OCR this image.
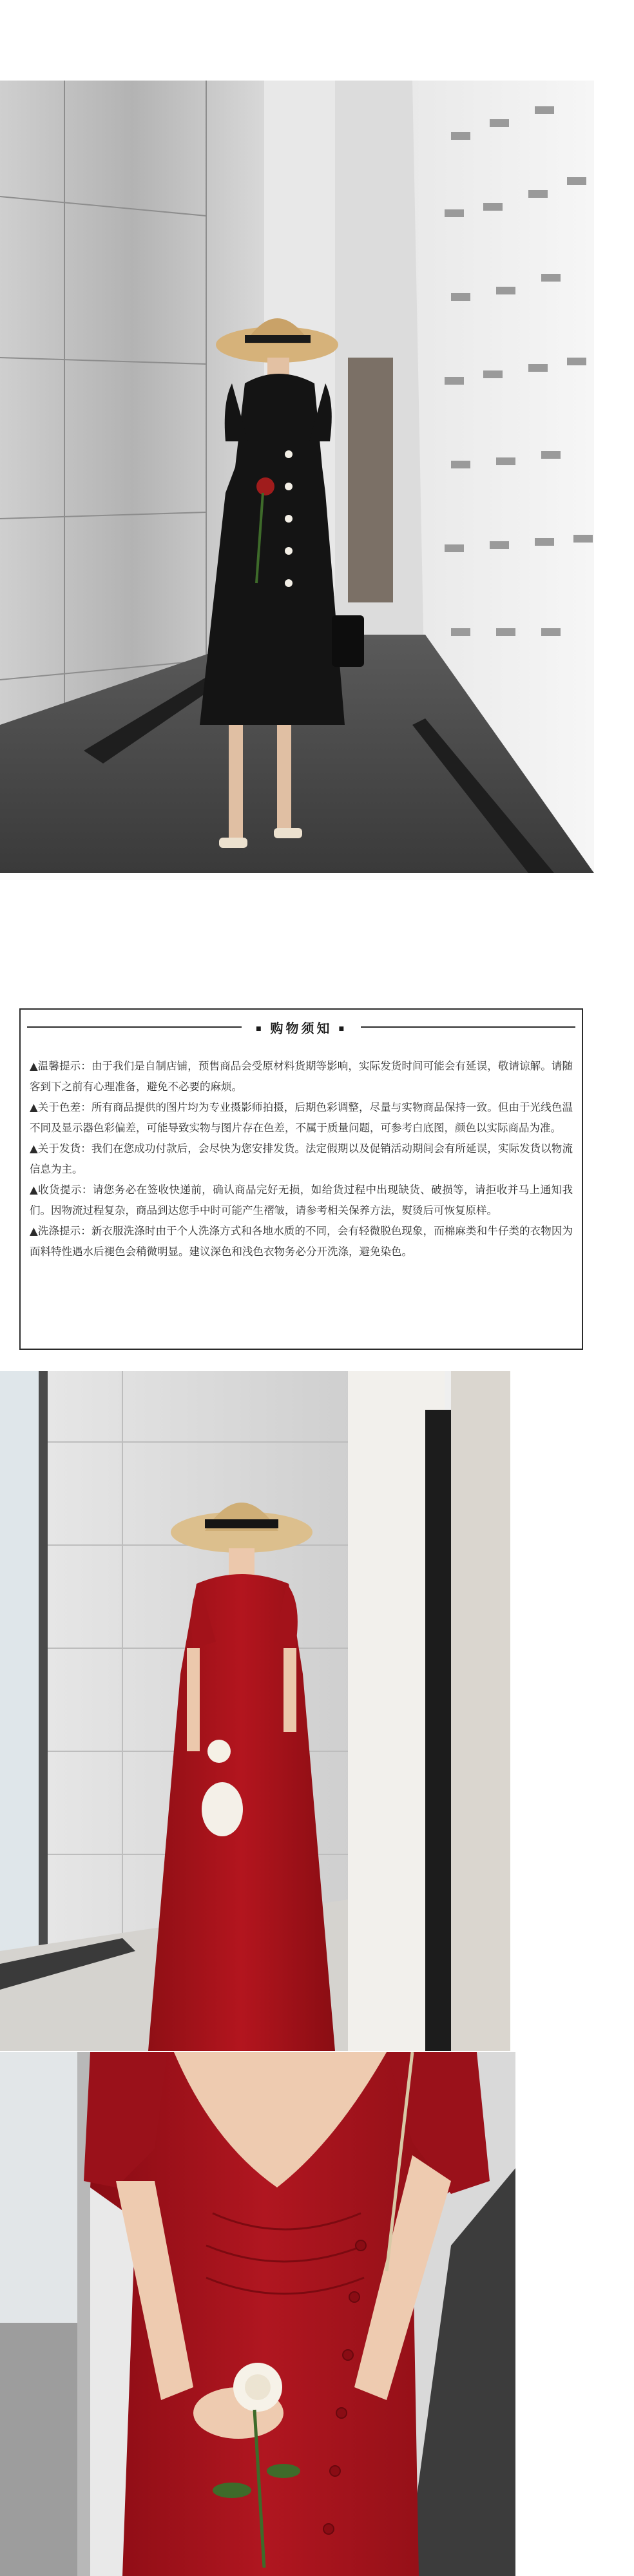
■ 购物须知 ■
▲温馨提示：由于我们是自制店铺，预售商品会受原材料货期等影响，实际发货时间可能会有延误，敬请谅解。请随客到下之前有心理准备，避免不必要的麻烦。
▲关于色差：所有商品提供的图片均为专业摄影师拍摄，后期色彩调整，尽量与实物商品保持一致。但由于光线色温不同及显示器色彩偏差，可能导致实物与图片存在色差，不属于质量问题，可参考白底图，颜色以实际商品为准。
▲关于发货：我们在您成功付款后，会尽快为您安排发货。法定假期以及促销活动期间会有所延误，实际发货以物流信息为主。
▲收货提示：请您务必在签收快递前，确认商品完好无损，如给货过程中出现缺货、破损等，请拒收并马上通知我们。因物流过程复杂，商品到达您手中时可能产生褶皱，请参考相关保养方法，熨烫后可恢复原样。
▲洗涤提示：新衣服洗涤时由于个人洗涤方式和各地水质的不同，会有轻微脱色现象，而棉麻类和牛仔类的衣物因为面料特性遇水后褪色会稍微明显。建议深色和浅色衣物务必分开洗涤，避免染色。
